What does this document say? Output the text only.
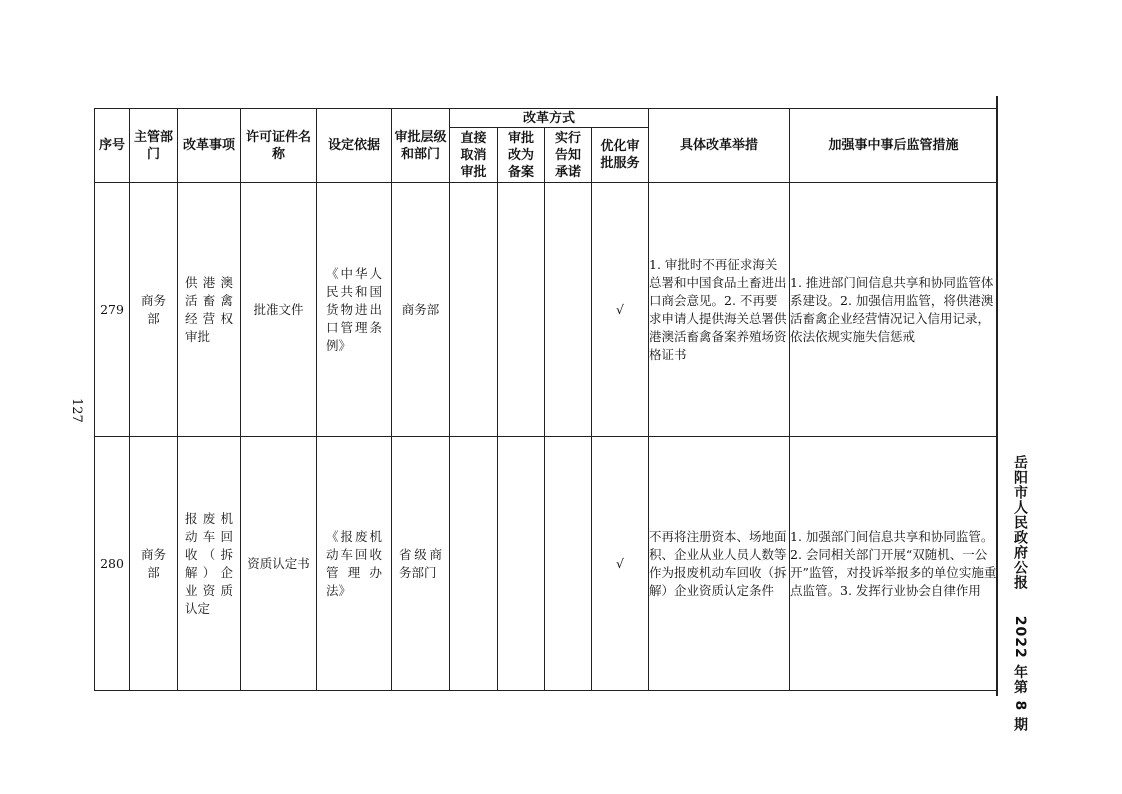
127
岳阳市人民政府公报  2022 年第 8 期
序号	主管部门	改革事项	许可证件名称	设定依据	审批层级和部门	改革方式				具体改革举措	加强事中事后监管措施
						直接取消审批	审批改为备案	实行告知承诺	优化审批服务		
279	商务部	供港澳活畜禽经营权审批	批准文件	《中华人民共和国货物进出口管理条例》	商务部				√	1. 审批时不再征求海关总署和中国食品土畜进出口商会意见。2. 不再要求申请人提供海关总署供港澳活畜禽备案养殖场资格证书	1. 推进部门间信息共享和协同监管体系建设。2. 加强信用监管，将供港澳活畜禽企业经营情况记入信用记录，依法依规实施失信惩戒
280	商务部	报废机动车回收（拆解）企业资质认定	资质认定书	《报废机动车回收管理办法》	省级商务部门				√	不再将注册资本、场地面积、企业从业人员人数等作为报废机动车回收（拆解）企业资质认定条件	1. 加强部门间信息共享和协同监管。2. 会同相关部门开展“双随机、一公开”监管，对投诉举报多的单位实施重点监管。3. 发挥行业协会自律作用
